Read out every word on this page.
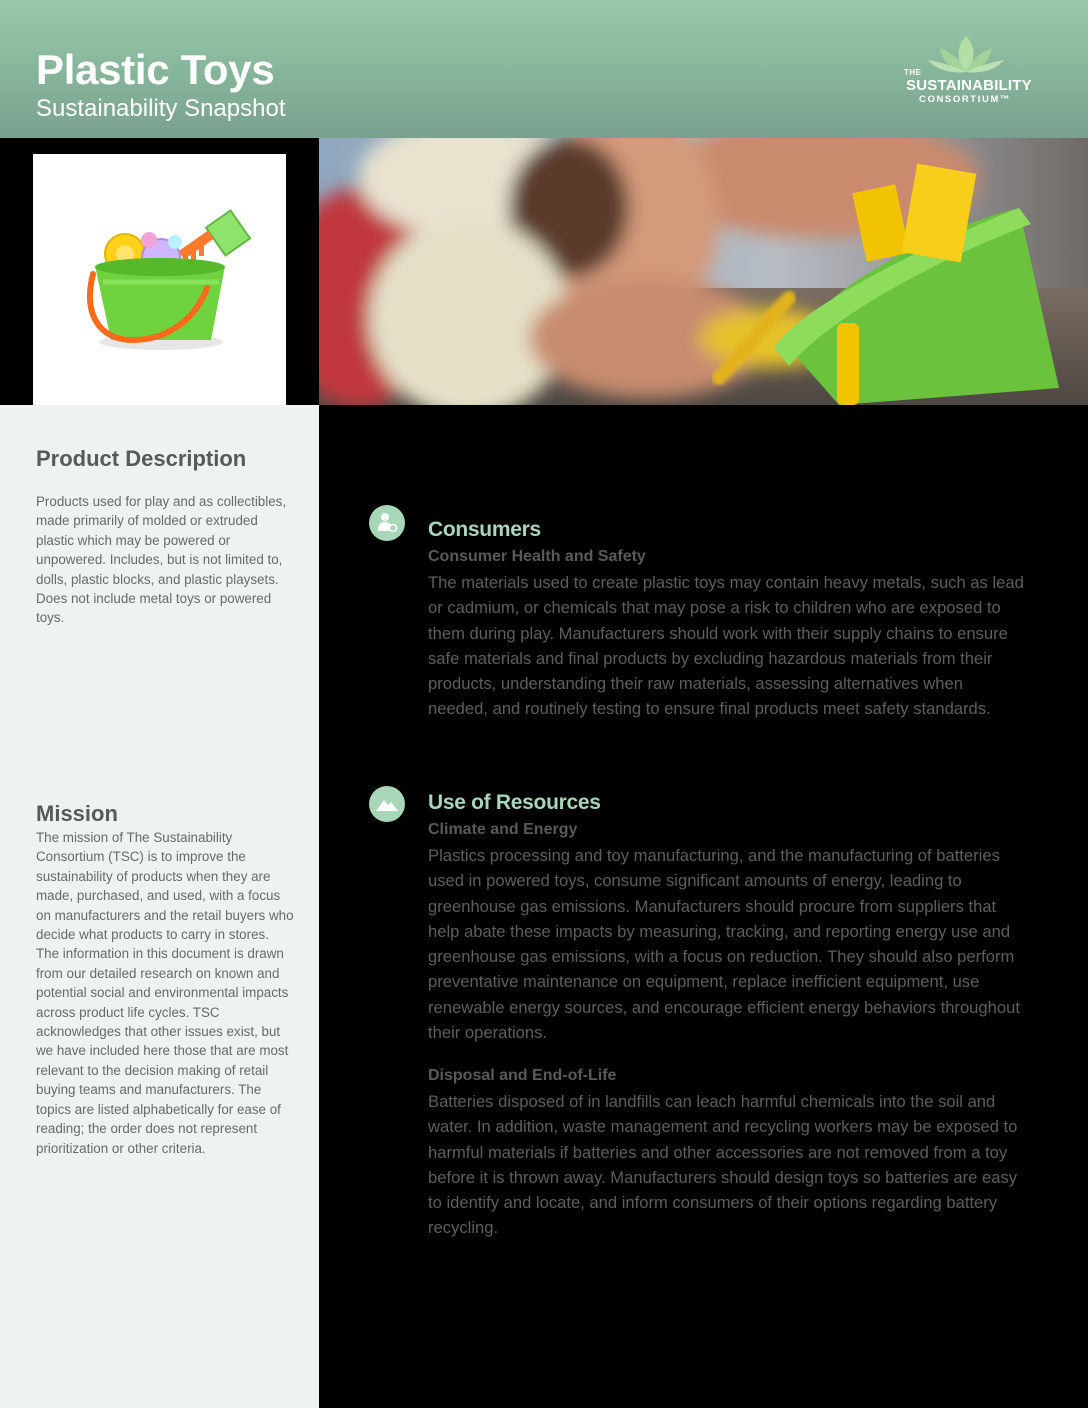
Plastic Toys
Sustainability Snapshot
THE
SUSTAINABILITY
CONSORTIUM™
Product Description

Products used for play and as collectibles, made primarily of molded or extruded plastic which may be powered or unpowered. Includes, but is not limited to, dolls, plastic blocks, and plastic playsets. Does not include metal toys or powered toys.

Mission

The mission of The Sustainability Consortium (TSC) is to improve the sustainability of products when they are made, purchased, and used, with a focus on manufacturers and the retail buyers who decide what products to carry in stores. The information in this document is drawn from our detailed research on known and potential social and environmental impacts across product life cycles. TSC acknowledges that other issues exist, but we have included here those that are most relevant to the decision making of retail buying teams and manufacturers. The topics are listed alphabetically for ease of reading; the order does not represent prioritization or other criteria.

Consumers
Consumer Health and Safety

The materials used to create plastic toys may contain heavy metals, such as lead or cadmium, or chemicals that may pose a risk to children who are exposed to them during play. Manufacturers should work with their supply chains to ensure safe materials and final products by excluding hazardous materials from their products, understanding their raw materials, assessing alternatives when needed, and routinely testing to ensure final products meet safety standards.

Use of Resources
Climate and Energy

Plastics processing and toy manufacturing, and the manufacturing of batteries used in powered toys, consume significant amounts of energy, leading to greenhouse gas emissions. Manufacturers should procure from suppliers that help abate these impacts by measuring, tracking, and reporting energy use and greenhouse gas emissions, with a focus on reduction. They should also perform preventative maintenance on equipment, replace inefficient equipment, use renewable energy sources, and encourage efficient energy behaviors throughout their operations.

Disposal and End-of-Life

Batteries disposed of in landfills can leach harmful chemicals into the soil and water. In addition, waste management and recycling workers may be exposed to harmful materials if batteries and other accessories are not removed from a toy before it is thrown away. Manufacturers should design toys so batteries are easy to identify and locate, and inform consumers of their options regarding battery recycling.
